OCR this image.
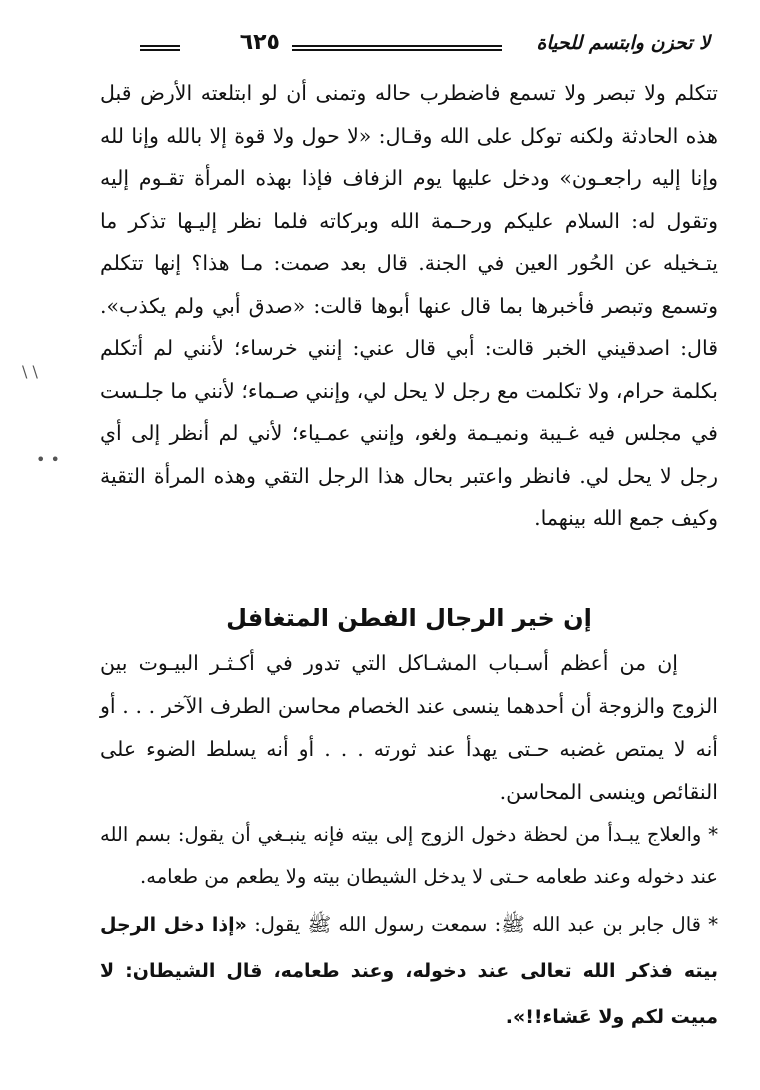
لا تحزن وابتسم للحياة
٦٢٥

تتكلم ولا تبصر ولا تسمع فاضطرب حاله وتمنى أن لو ابتلعته الأرض قبل هذه الحادثة ولكنه توكل على الله وقـال: «لا حول ولا قوة إلا بالله وإنا لله وإنا إليه راجعـون» ودخل عليها يوم الزفاف فإذا بهذه المرأة تقـوم إليه وتقول له: السلام عليكم ورحـمة الله وبركاته فلما نظر إليـها تذكر ما يتـخيله عن الحُور العين في الجنة. قال بعد صمت: مـا هذا؟ إنها تتكلم وتسمع وتبصر فأخبرها بما قال عنها أبوها قالت: «صدق أبي ولم يكذب». قال: اصدقيني الخبر قالت: أبي قال عني: إنني خرساء؛ لأنني لم أتكلم بكلمة حرام، ولا تكلمت مع رجل لا يحل لي، وإنني صـماء؛ لأنني ما جلـست في مجلس فيه غـيبة ونميـمة ولغو، وإنني عمـياء؛ لأني لم أنظر إلى أي رجل لا يحل لي. فانظر واعتبر بحال هذا الرجل التقي وهذه المرأة التقية وكيف جمع الله بينهما.

إن خير الرجال الفطن المتغافل

إن من أعظم أسـباب المشـاكل التي تدور في أكـثـر البيـوت بين الزوج والزوجة أن أحدهما ينسى عند الخصام محاسن الطرف الآخر . . . أو أنه لا يمتص غضبه حـتى يهدأ عند ثورته . . . أو أنه يسلط الضوء على النقائص وينسى المحاسن.

* والعلاج يبـدأ من لحظة دخول الزوج إلى بيته فإنه ينبـغي أن يقول: بسم الله عند دخوله وعند طعامه حـتى لا يدخل الشيطان بيته ولا يطعم من طعامه.

* قال جابر بن عبد الله ﷺ: سمعت رسول الله ﷺ يقول: «إذا دخل الرجل بيته فذكر الله تعالى عند دخوله، وعند طعامه، قال الشيطان: لا مبيت لكم ولا عَشاء!!».

\ \
• •
